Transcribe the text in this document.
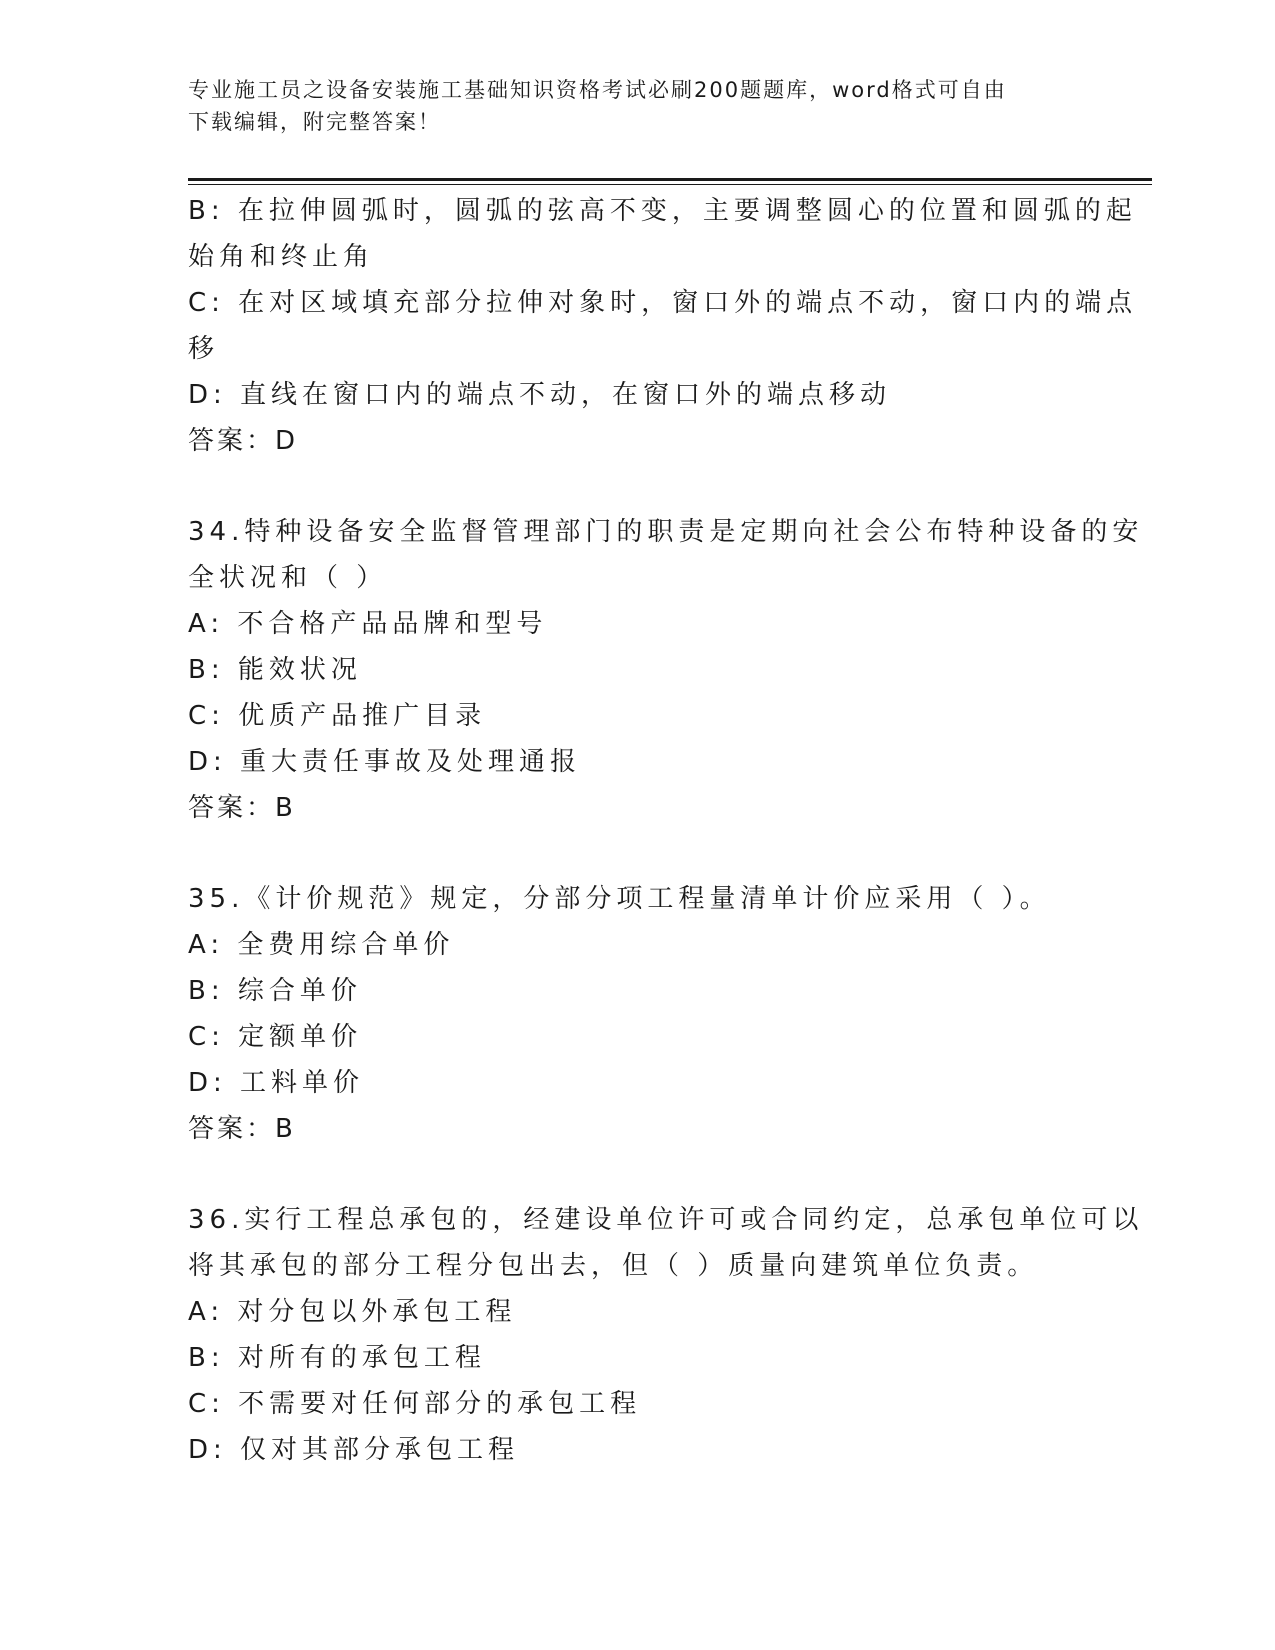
专业施工员之设备安装施工基础知识资格考试必刷200题题库，word格式可自由
下载编辑，附完整答案！
B: 在拉伸圆弧时，圆弧的弦高不变，主要调整圆心的位置和圆弧的起
始角和终止角
C: 在对区域填充部分拉伸对象时，窗口外的端点不动，窗口内的端点
移
D: 直线在窗口内的端点不动，在窗口外的端点移动
答案：D
34.特种设备安全监督管理部门的职责是定期向社会公布特种设备的安
全状况和（ ）
A: 不合格产品品牌和型号
B: 能效状况
C: 优质产品推广目录
D: 重大责任事故及处理通报
答案：B
35.《计价规范》规定，分部分项工程量清单计价应采用（ ）。
A: 全费用综合单价
B: 综合单价
C: 定额单价
D: 工料单价
答案：B
36.实行工程总承包的，经建设单位许可或合同约定，总承包单位可以
将其承包的部分工程分包出去，但（ ）质量向建筑单位负责。
A: 对分包以外承包工程
B: 对所有的承包工程
C: 不需要对任何部分的承包工程
D: 仅对其部分承包工程
